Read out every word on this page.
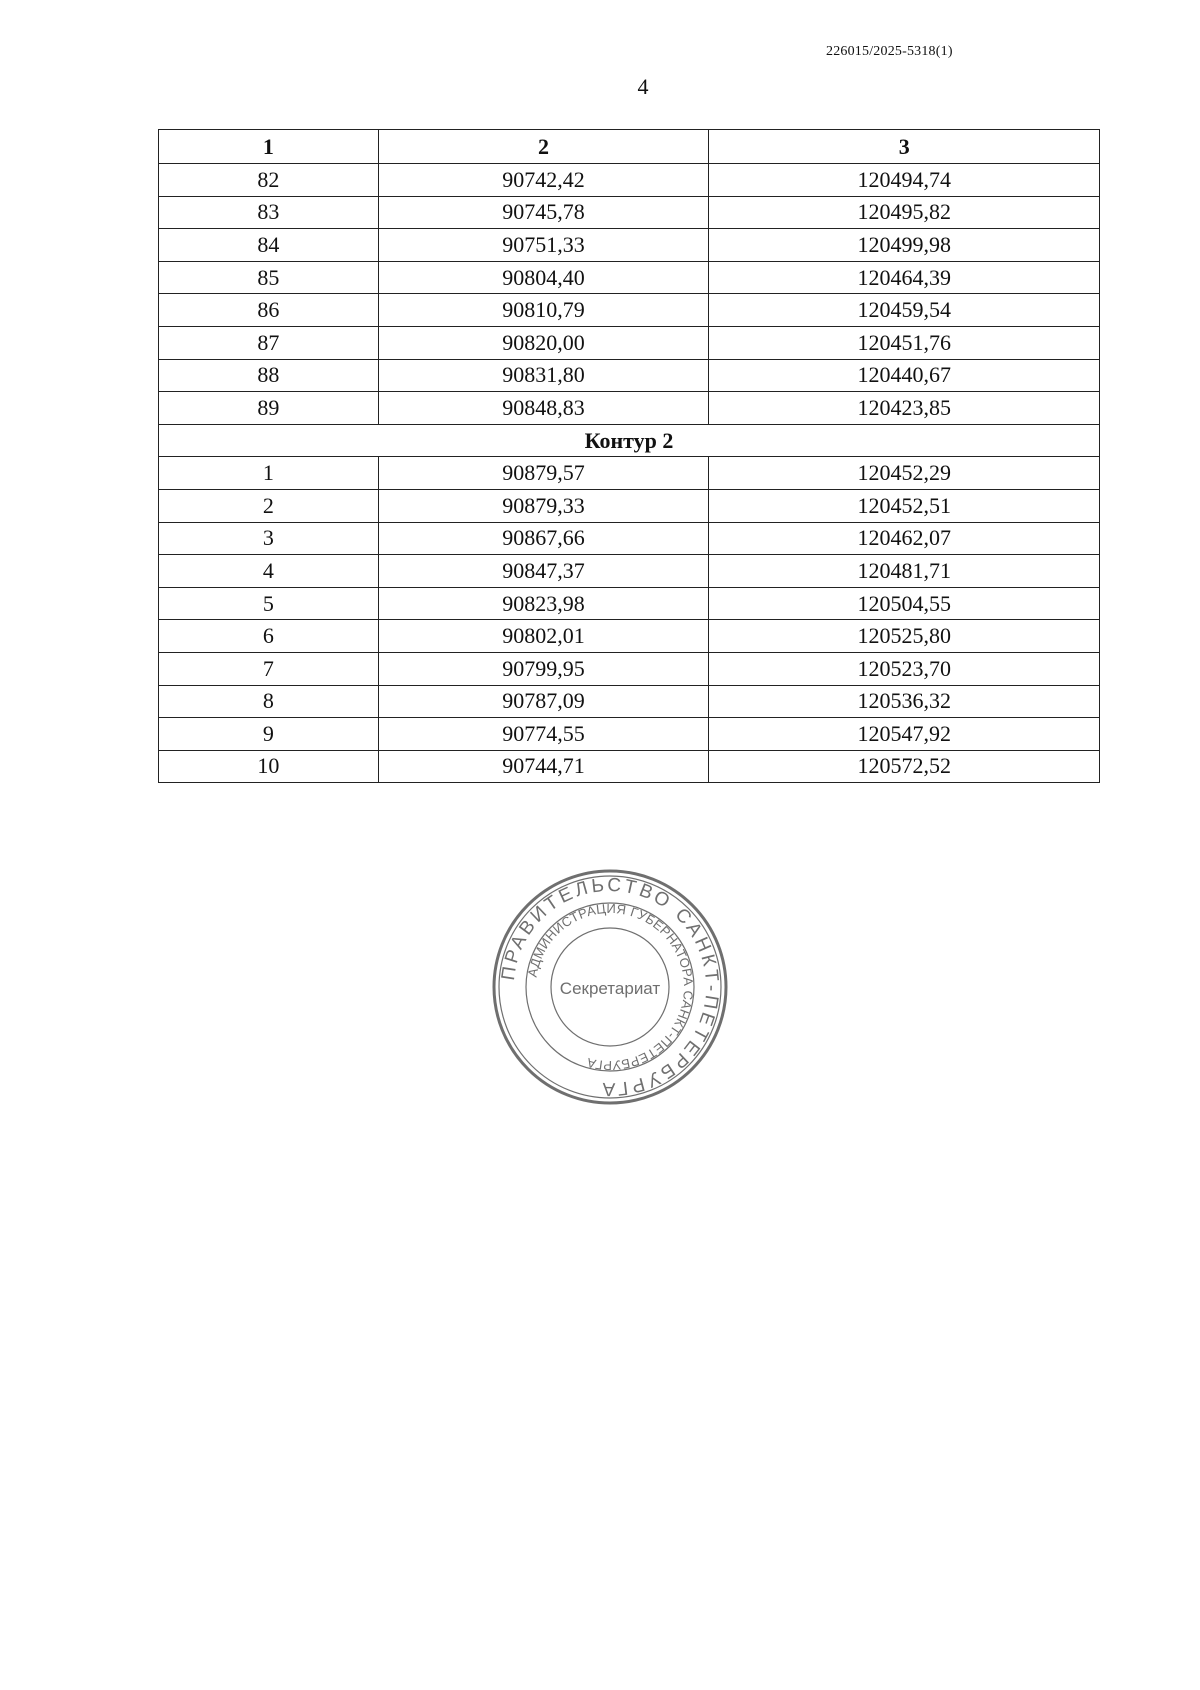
226015/2025-5318(1)
4
1	2	3
82	90742,42	120494,74
83	90745,78	120495,82
84	90751,33	120499,98
85	90804,40	120464,39
86	90810,79	120459,54
87	90820,00	120451,76
88	90831,80	120440,67
89	90848,83	120423,85
Контур 2		
1	90879,57	120452,29
2	90879,33	120452,51
3	90867,66	120462,07
4	90847,37	120481,71
5	90823,98	120504,55
6	90802,01	120525,80
7	90799,95	120523,70
8	90787,09	120536,32
9	90774,55	120547,92
10	90744,71	120572,52
ПРАВИТЕЛЬСТВО САНКТ-ПЕТЕРБУРГА
АДМИНИСТРАЦИЯ ГУБЕРНАТОРА САНКТ-ПЕТЕРБУРГА
Секретариат
